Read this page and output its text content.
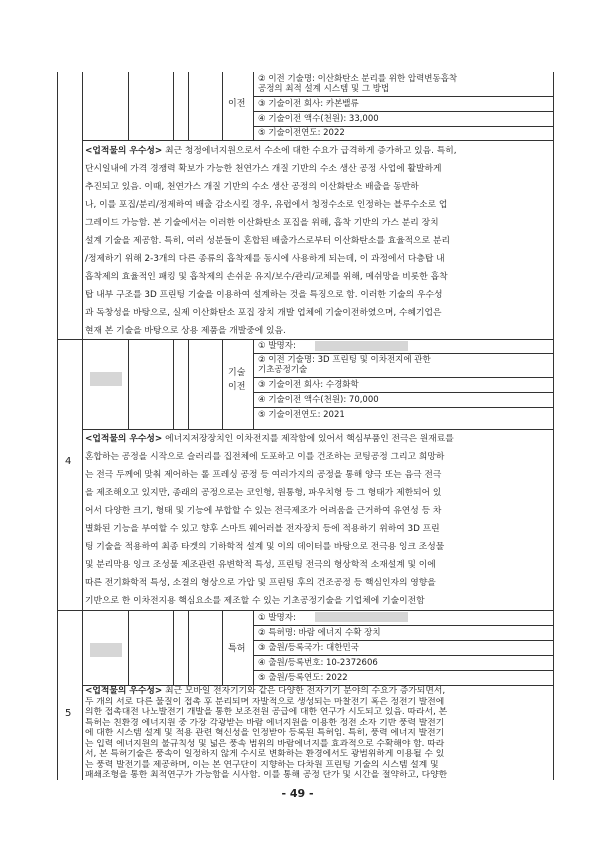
② 이전 기술명: 이산화탄소 분리를 위한 압력변동흡착
공정의 최적 설계 시스템 및 그 방법
③ 기술이전 회사: 카본밸류
④ 기술이전 액수(천원): 33,000
⑤ 기술이전연도: 2022
이전
<업적물의 우수성> 최근 청정에너지원으로서 수소에 대한 수요가 급격하게 증가하고 있음. 특히,
단시일내에 가격 경쟁력 확보가 가능한 천연가스 개질 기반의 수소 생산 공정 사업에 활발하게
추진되고 있음. 이때, 천연가스 개질 기반의 수소 생산 공정의 이산화탄소 배출을 동반하
나, 이를 포집/분리/정제하여 배출 감소시킬 경우, 유럽에서 청정수소로 인정하는 블루수소로 업
그레이드 가능함. 본 기술에서는 이러한 이산화탄소 포집을 위해, 흡착 기반의 가스 분리 장치
설계 기술을 제공함. 특히, 여러 성분들이 혼합된 배출가스로부터 이산화탄소를 효율적으로 분리
/정제하기 위해 2-3개의 다른 종류의 흡착제를 동시에 사용하게 되는데, 이 과정에서 다층탑 내
흡착제의 효율적인 패킹 및 흡착제의 손쉬운 유지/보수/관리/교체를 위해, 메쉬망을 비롯한 흡착
탑 내부 구조를 3D 프린팅 기술을 이용하여 설계하는 것을 특징으로 함. 이러한 기술의 우수성
과 독창성을 바탕으로, 실제 이산화탄소 포집 장치 개발 업체에 기술이전하였으며, 수혜기업은
현재 본 기술을 바탕으로 상용 제품을 개발중에 있음.
4
① 발명자:
② 이전 기술명: 3D 프린팅 및 이차전지에 관한
기초공정기술
③ 기술이전 회사: 수경화학
④ 기술이전 액수(천원): 70,000
⑤ 기술이전연도: 2021
기술
이전
<업적물의 우수성> 에너지저장장치인 이차전지를 제작함에 있어서 핵심부품인 전극은 원재료를
혼합하는 공정을 시작으로 슬러리를 집전체에 도포하고 이를 건조하는 코팅공정 그리고 희망하
는 전극 두께에 맞춰 제어하는 롤 프레싱 공정 등 여러가지의 공정을 통해 양극 또는 음극 전극
을 제조해오고 있지만, 종래의 공정으로는 코인형, 원통형, 파우치형 등 그 형태가 제한되어 있
어서 다양한 크기, 형태 및 기능에 부합할 수 있는 전극제조가 어려움을 근거하여 유연성 등 차
별화된 기능을 부여할 수 있고 향후 스마트 웨어러블 전자장치 등에 적용하기 위하여 3D 프린
팅 기술을 적용하여 최종 타겟의 기하학적 설계 및 이의 데이터를 바탕으로 전극용 잉크 조성물
및 분리막용 잉크 조성물 제조관련 유변학적 특성, 프린팅 전극의 형상학적 소재설계 및 이에
따른 전기화학적 특성, 소결의 형상으로 가압 및 프린팅 후의 건조공정 등 핵심인자의 영향을
기반으로 한 이차전지용 핵심요소를 제조할 수 있는 기초공정기술을 기업체에 기술이전함
5
① 발명자:
② 특허명: 바람 에너지 수확 장치
③ 출원/등록국가: 대한민국
④ 출원/등록번호: 10-2372606
⑤ 출원/등록연도: 2022
특허
<업적물의 우수성> 최근 모바일 전자기기와 같은 다양한 전자기기 분야의 수요가 증가되면서,
두 개의 서로 다른 물질이 접촉 후 분리되며 자발적으로 생성되는 마찰전기 혹은 정전기 발전에
의한 접촉대전 나노발전기 개발을 통한 보조전원 공급에 대한 연구가 시도되고 있음. 따라서, 본
특허는 친환경 에너지원 중 가장 각광받는 바람 에너지원을 이용한 정전 소자 기반 풍력 발전기
에 대한 시스템 설계 및 적용 관련 혁신성을 인정받아 등록된 특허임. 특히, 풍력 에너지 발전기
는 입력 에너지원의 불규칙성 및 넓은 풍속 범위의 바람에너지를 효과적으로 수확해야 함. 따라
서, 본 특허기술은 풍속이 일정하지 않게 수시로 변화하는 환경에서도 광범위하게 이용될 수 있
는 풍력 발전기를 제공하며, 이는 본 연구단이 지향하는 다차원 프린팅 기술의 시스템 설계 및
패쇄조형을 통한 최적연구가 가능함을 시사함. 이를 통해 공정 단가 및 시간을 절약하고, 다양한
- 49 -
